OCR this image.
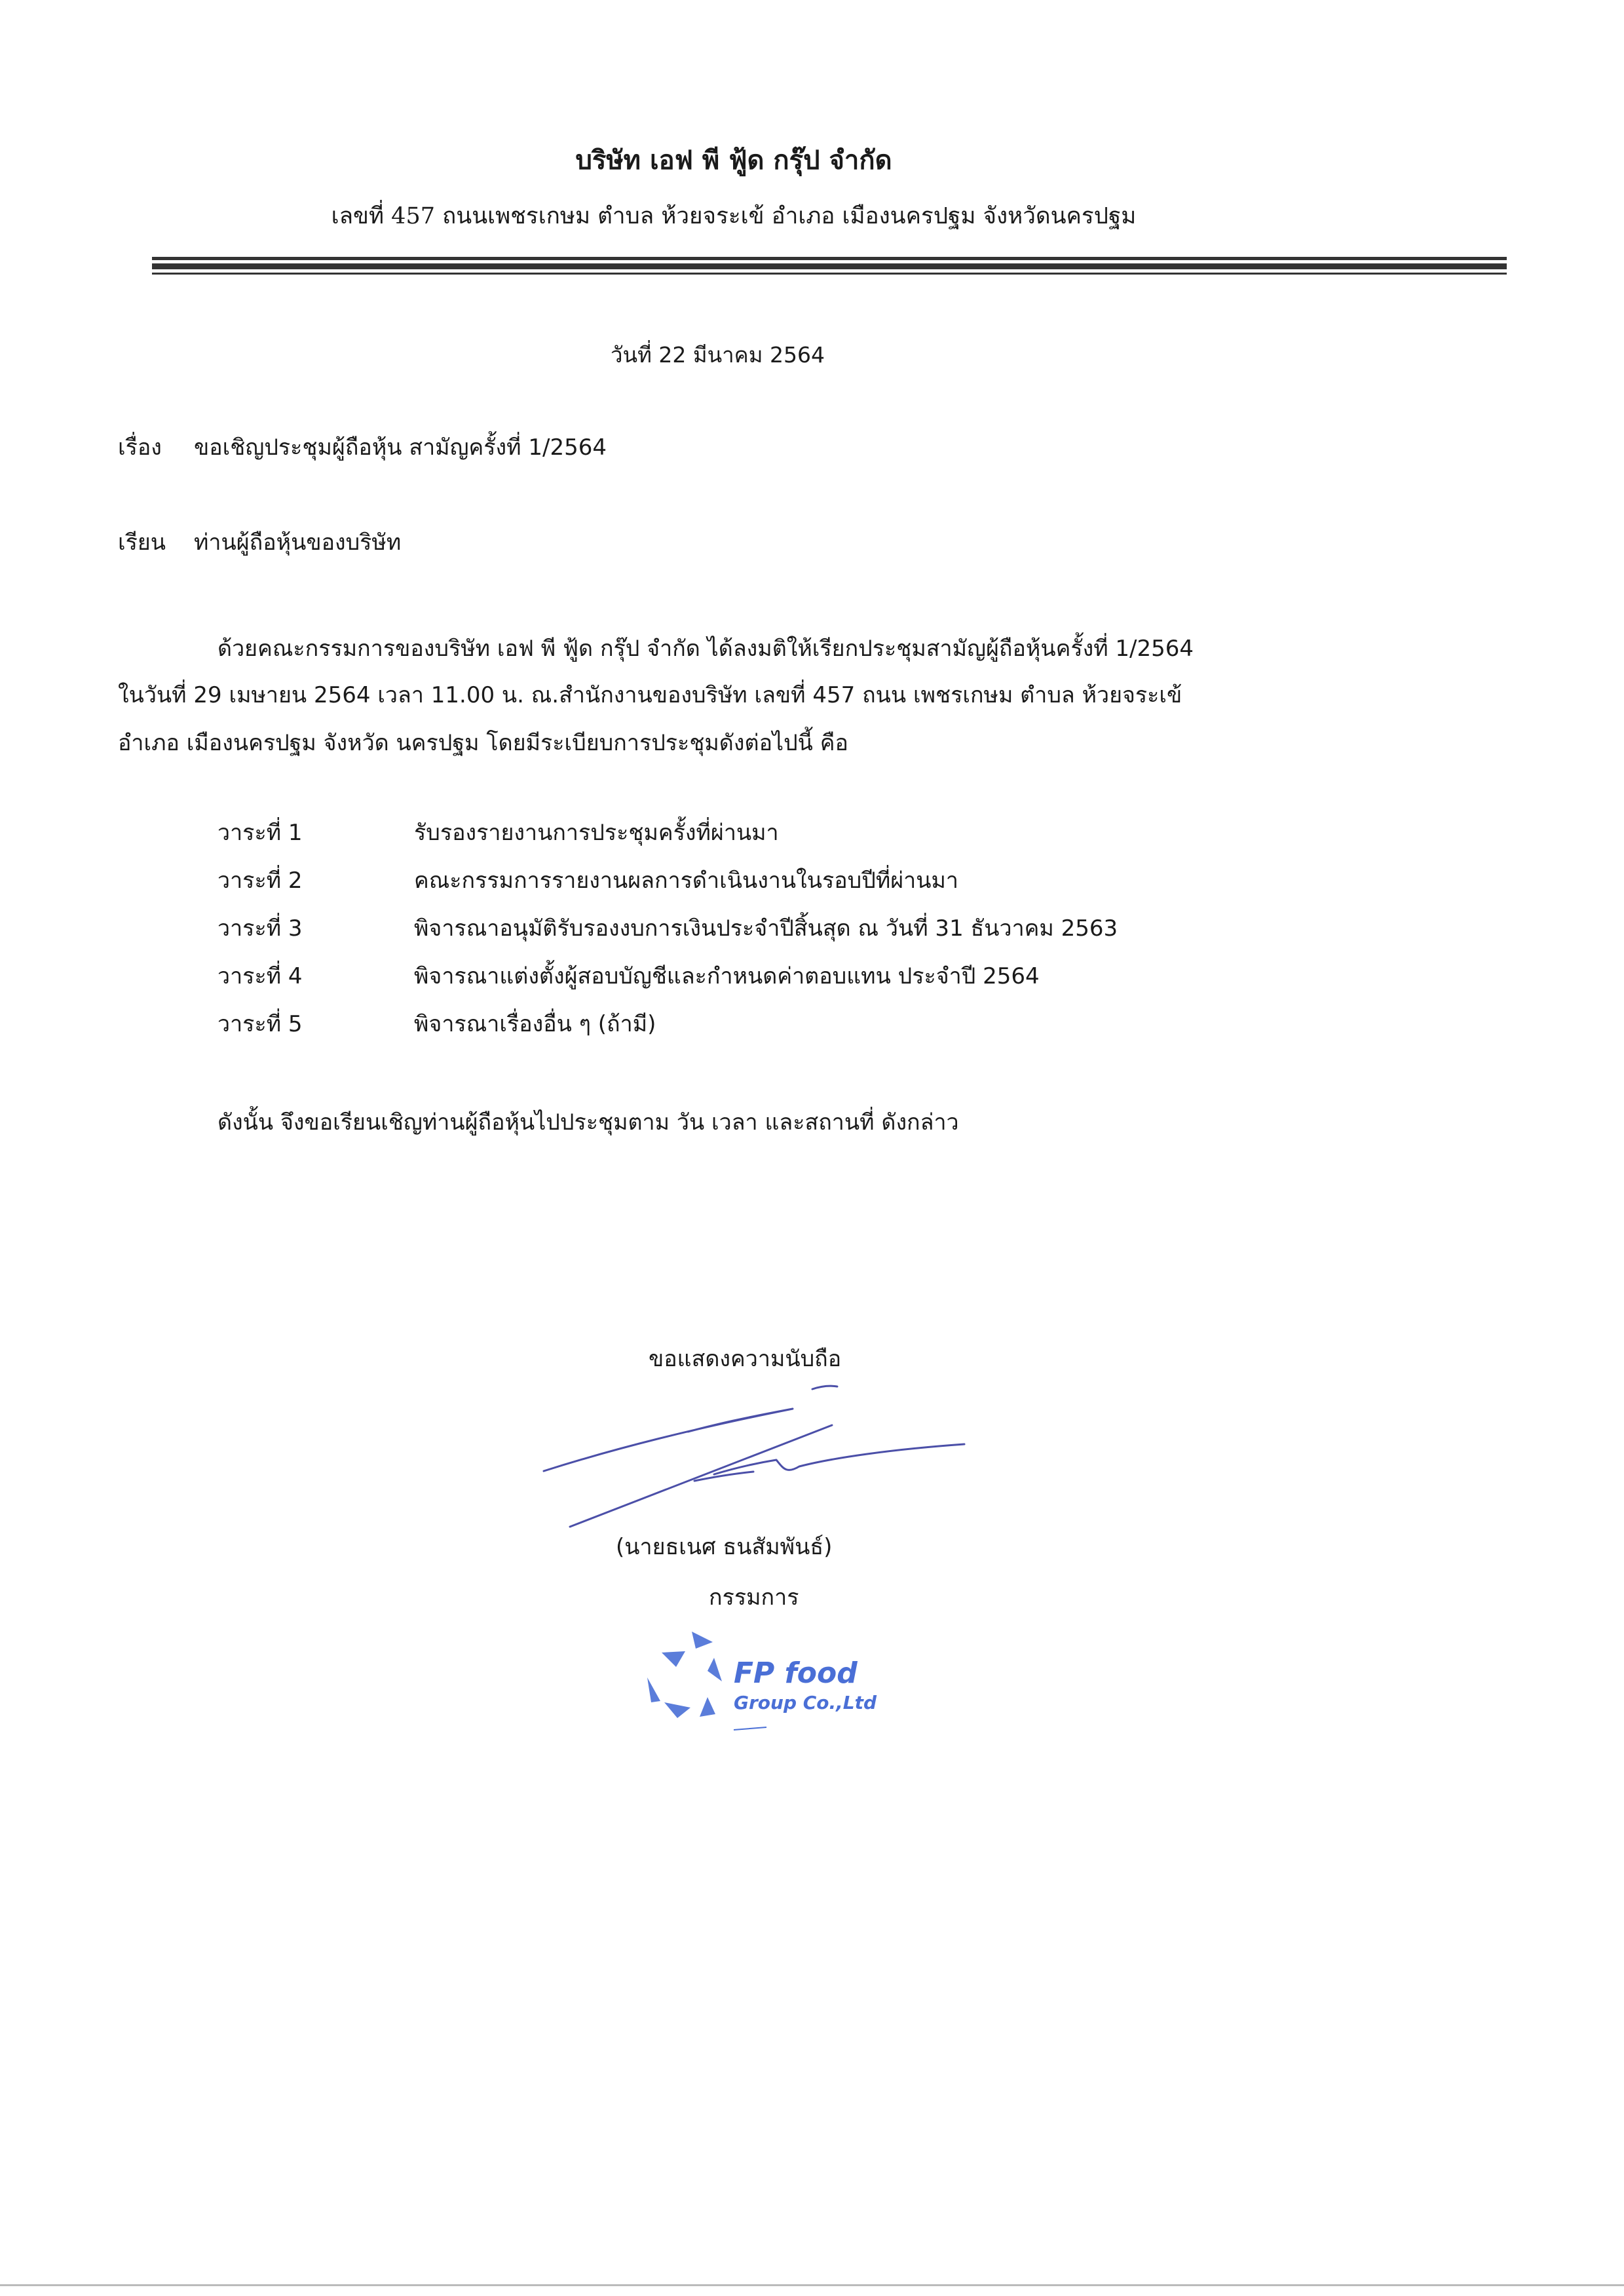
บริษัท เอฟ พี ฟู้ด กรุ๊ป จำกัด
เลขที่ 457 ถนนเพชรเกษม ตำบล ห้วยจระเข้ อำเภอ เมืองนครปฐม จังหวัดนครปฐม
วันที่ 22 มีนาคม 2564
เรื่อง ขอเชิญประชุมผู้ถือหุ้น สามัญครั้งที่ 1/2564
เรียน ท่านผู้ถือหุ้นของบริษัท
ด้วยคณะกรรมการของบริษัท เอฟ พี ฟู้ด กรุ๊ป จำกัด ได้ลงมติให้เรียกประชุมสามัญผู้ถือหุ้นครั้งที่ 1/2564
ในวันที่ 29 เมษายน 2564 เวลา 11.00 น. ณ.สำนักงานของบริษัท เลขที่ 457 ถนน เพชรเกษม ตำบล ห้วยจระเข้
อำเภอ เมืองนครปฐม จังหวัด นครปฐม โดยมีระเบียบการประชุมดังต่อไปนี้ คือ
วาระที่ 1	รับรองรายงานการประชุมครั้งที่ผ่านมา
วาระที่ 2	คณะกรรมการรายงานผลการดำเนินงานในรอบปีที่ผ่านมา
วาระที่ 3	พิจารณาอนุมัติรับรองงบการเงินประจำปีสิ้นสุด ณ วันที่ 31 ธันวาคม 2563
วาระที่ 4	พิจารณาแต่งตั้งผู้สอบบัญชีและกำหนดค่าตอบแทน ประจำปี 2564
วาระที่ 5	พิจารณาเรื่องอื่น ๆ (ถ้ามี)
ดังนั้น จึงขอเรียนเชิญท่านผู้ถือหุ้นไปประชุมตาม วัน เวลา และสถานที่ ดังกล่าว
ขอแสดงความนับถือ
(นายธเนศ ธนสัมพันธ์)
กรรมการ
FP food
Group Co.,Ltd
